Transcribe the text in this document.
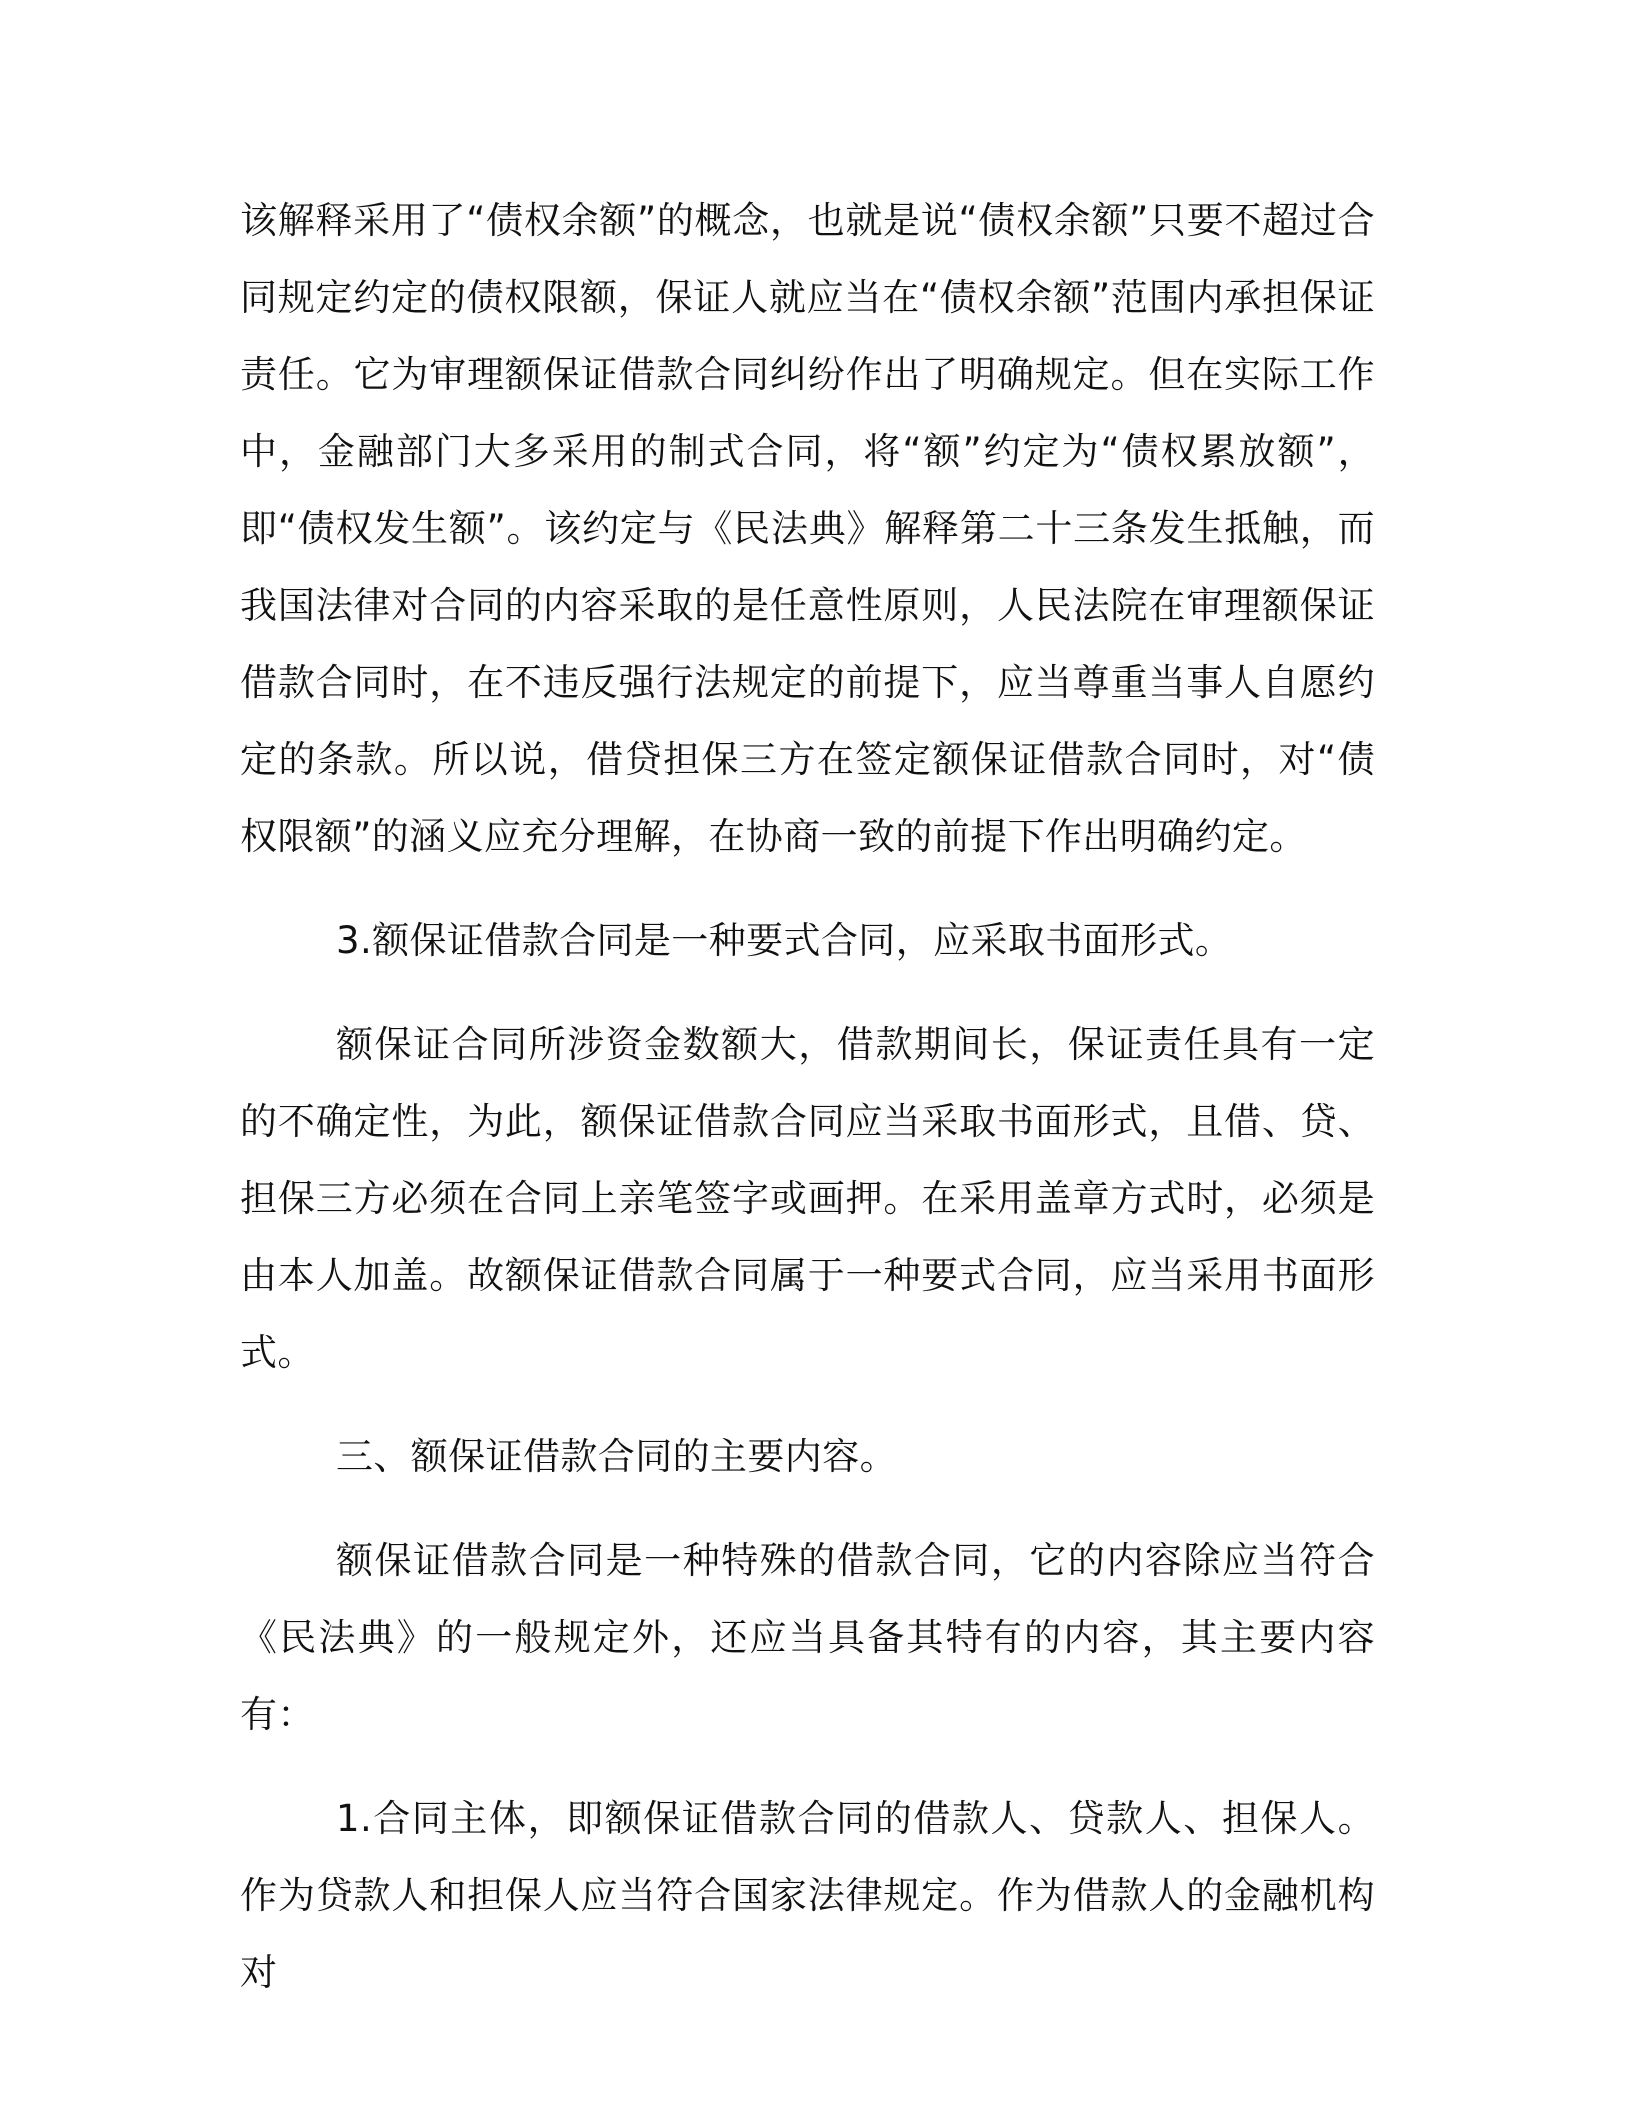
该解释采用了“债权余额”的概念，也就是说“债权余额”只要不超过合同规定约定的债权限额，保证人就应当在“债权余额”范围内承担保证责任。它为审理额保证借款合同纠纷作出了明确规定。但在实际工作中，金融部门大多采用的制式合同，将“额”约定为“债权累放额”，即“债权发生额”。该约定与《民法典》解释第二十三条发生抵触，而我国法律对合同的内容采取的是任意性原则，人民法院在审理额保证借款合同时，在不违反强行法规定的前提下，应当尊重当事人自愿约定的条款。所以说，借贷担保三方在签定额保证借款合同时，对“债权限额”的涵义应充分理解，在协商一致的前提下作出明确约定。

3.额保证借款合同是一种要式合同，应采取书面形式。

额保证合同所涉资金数额大，借款期间长，保证责任具有一定的不确定性，为此，额保证借款合同应当采取书面形式，且借、贷、担保三方必须在合同上亲笔签字或画押。在采用盖章方式时，必须是由本人加盖。故额保证借款合同属于一种要式合同，应当采用书面形式。

三、额保证借款合同的主要内容。

额保证借款合同是一种特殊的借款合同，它的内容除应当符合《民法典》的一般规定外，还应当具备其特有的内容，其主要内容有：

1.合同主体，即额保证借款合同的借款人、贷款人、担保人。作为贷款人和担保人应当符合国家法律规定。作为借款人的金融机构对
